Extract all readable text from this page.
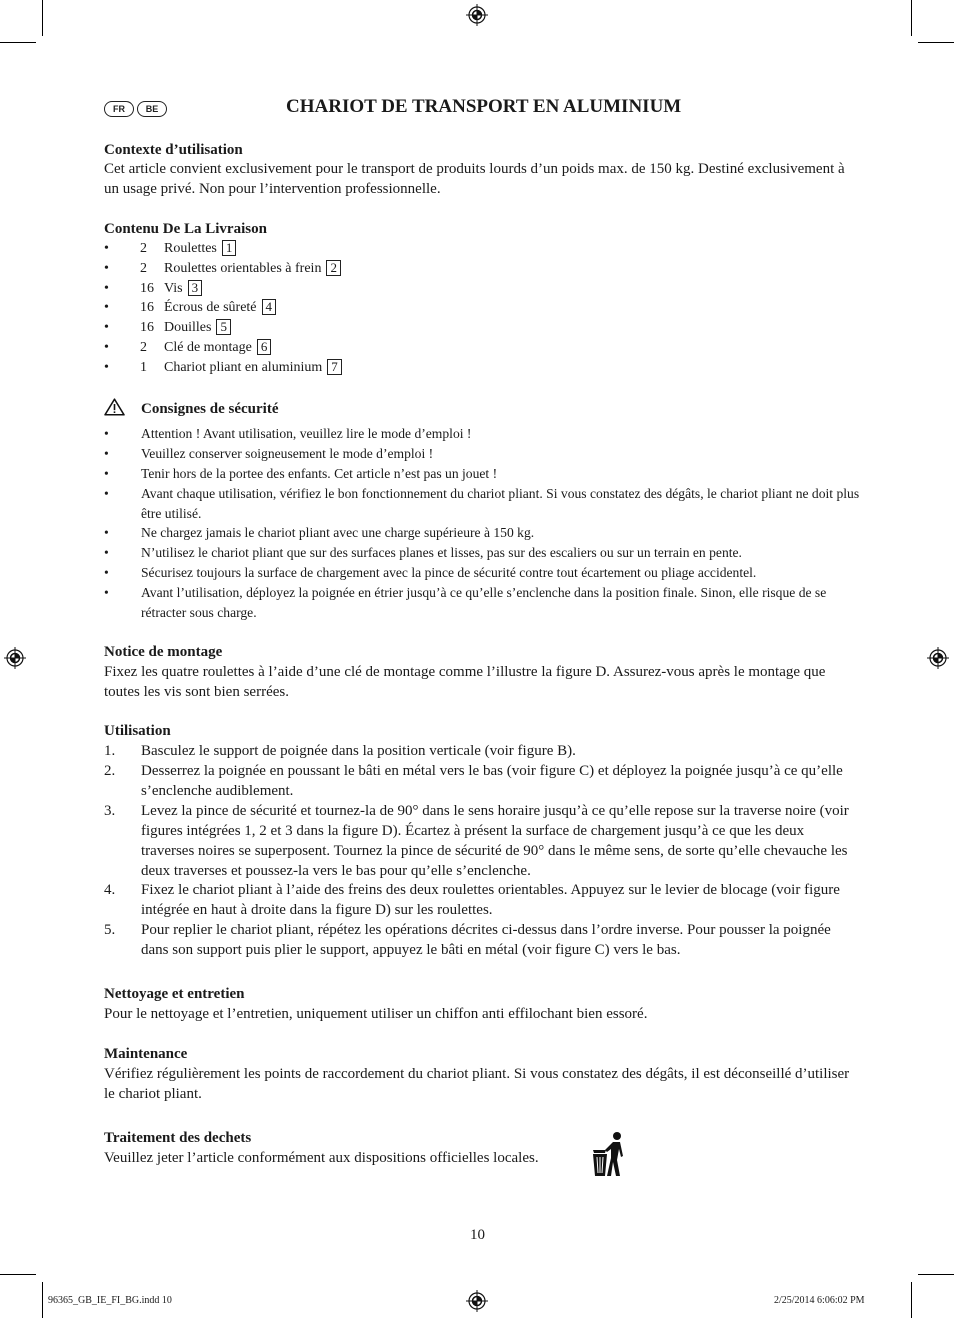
FR	BE	CHARIOT DE TRANSPORT EN ALUMINIUM
Contexte d’utilisation
Cet article convient exclusivement pour le transport de produits lourds d’un poids max. de 150 kg. Destiné exclusivement à un usage privé. Non pour l’intervention professionnelle.
Contenu De La Livraison
• 2 Roulettes 1
• 2 Roulettes orientables à frein 2
• 16 Vis 3
• 16 Écrous de sûreté 4
• 16 Douilles 5
• 2 Clé de montage 6
• 1 Chariot pliant en aluminium 7
Consignes de sécurité
• Attention ! Avant utilisation, veuillez lire le mode d’emploi !
• Veuillez conserver soigneusement le mode d’emploi !
• Tenir hors de la portee des enfants. Cet article n’est pas un jouet !
• Avant chaque utilisation, vérifiez le bon fonctionnement du chariot pliant. Si vous constatez des dégâts, le chariot pliant ne doit plus être utilisé.
• Ne chargez jamais le chariot pliant avec une charge supérieure à 150 kg.
• N’utilisez le chariot pliant que sur des surfaces planes et lisses, pas sur des escaliers ou sur un terrain en pente.
• Sécurisez toujours la surface de chargement avec la pince de sécurité contre tout écartement ou pliage accidentel.
• Avant l’utilisation, déployez la poignée en étrier jusqu’à ce qu’elle s’enclenche dans la position finale. Sinon, elle risque de se rétracter sous charge.
Notice de montage
Fixez les quatre roulettes à l’aide d’une clé de montage comme l’illustre la figure D. Assurez-vous après le montage que toutes les vis sont bien serrées.
Utilisation
1. Basculez le support de poignée dans la position verticale (voir figure B).
2. Desserrez la poignée en poussant le bâti en métal vers le bas (voir figure C) et déployez la poignée jusqu’à ce qu’elle s’enclenche audiblement.
3. Levez la pince de sécurité et tournez-la de 90° dans le sens horaire jusqu’à ce qu’elle repose sur la traverse noire (voir figures intégrées 1, 2 et 3 dans la figure D). Écartez à présent la surface de chargement jusqu’à ce que les deux traverses noires se superposent. Tournez la pince de sécurité de 90° dans le même sens, de sorte qu’elle chevauche les deux traverses et poussez-la vers le bas pour qu’elle s’enclenche.
4. Fixez le chariot pliant à l’aide des freins des deux roulettes orientables. Appuyez sur le levier de blocage (voir figure intégrée en haut à droite dans la figure D) sur les roulettes.
5. Pour replier le chariot pliant, répétez les opérations décrites ci-dessus dans l’ordre inverse. Pour pousser la poignée dans son support puis plier le support, appuyez le bâti en métal (voir figure C) vers le bas.
Nettoyage et entretien
Pour le nettoyage et l’entretien, uniquement utiliser un chiffon anti effilochant bien essoré.
Maintenance
Vérifiez régulièrement les points de raccordement du chariot pliant. Si vous constatez des dégâts, il est déconseillé d’utiliser le chariot pliant.
Traitement des dechets
Veuillez jeter l’article conformément aux dispositions officielles locales.
10
96365_GB_IE_FI_BG.indd 10	2/25/2014 6:06:02 PM
